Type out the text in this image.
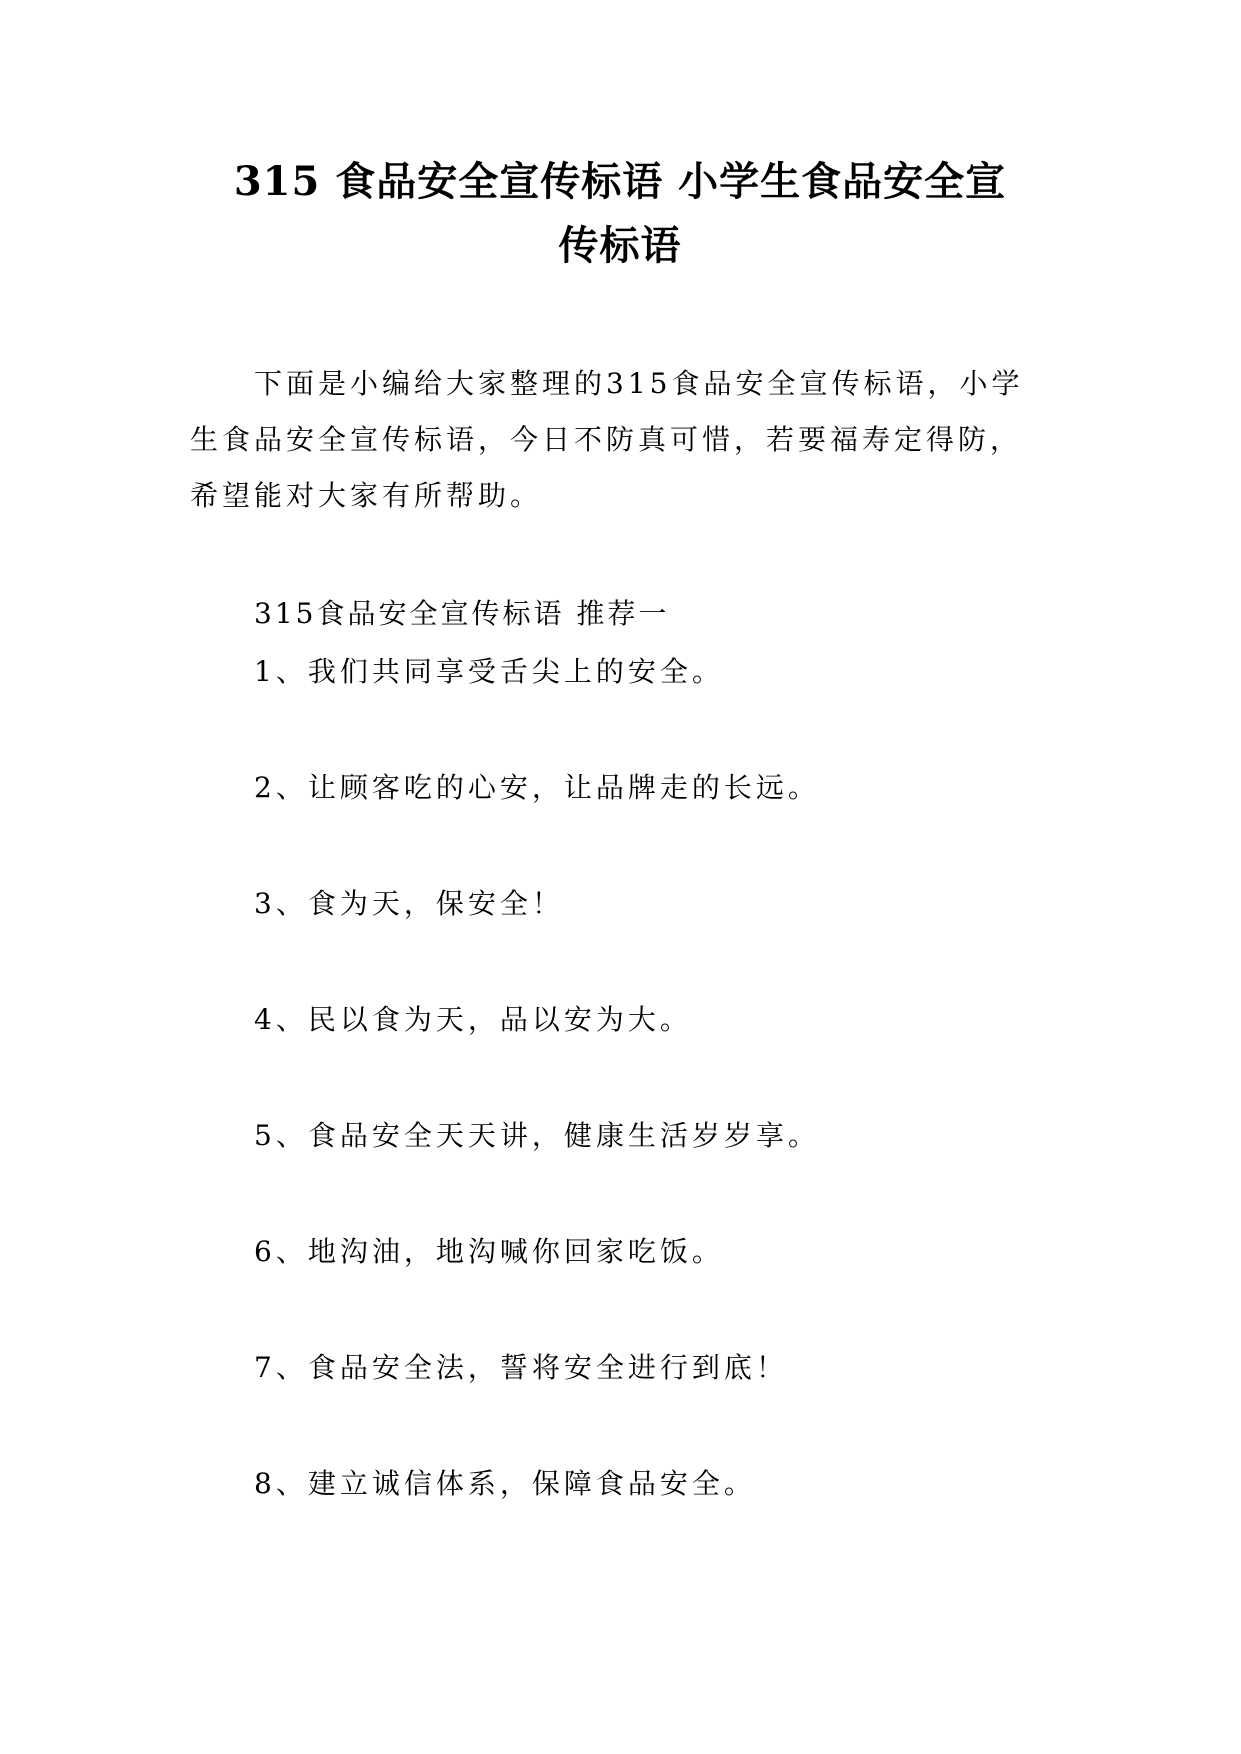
315 食品安全宣传标语 小学生食品安全宣
传标语

下面是小编给大家整理的315食品安全宣传标语，小学
生食品安全宣传标语，今日不防真可惜，若要福寿定得防，
希望能对大家有所帮助。

315食品安全宣传标语 推荐一

1、我们共同享受舌尖上的安全。
2、让顾客吃的心安，让品牌走的长远。
3、食为天，保安全！
4、民以食为天，品以安为大。
5、食品安全天天讲，健康生活岁岁享。
6、地沟油，地沟喊你回家吃饭。
7、食品安全法，誓将安全进行到底！
8、建立诚信体系，保障食品安全。
